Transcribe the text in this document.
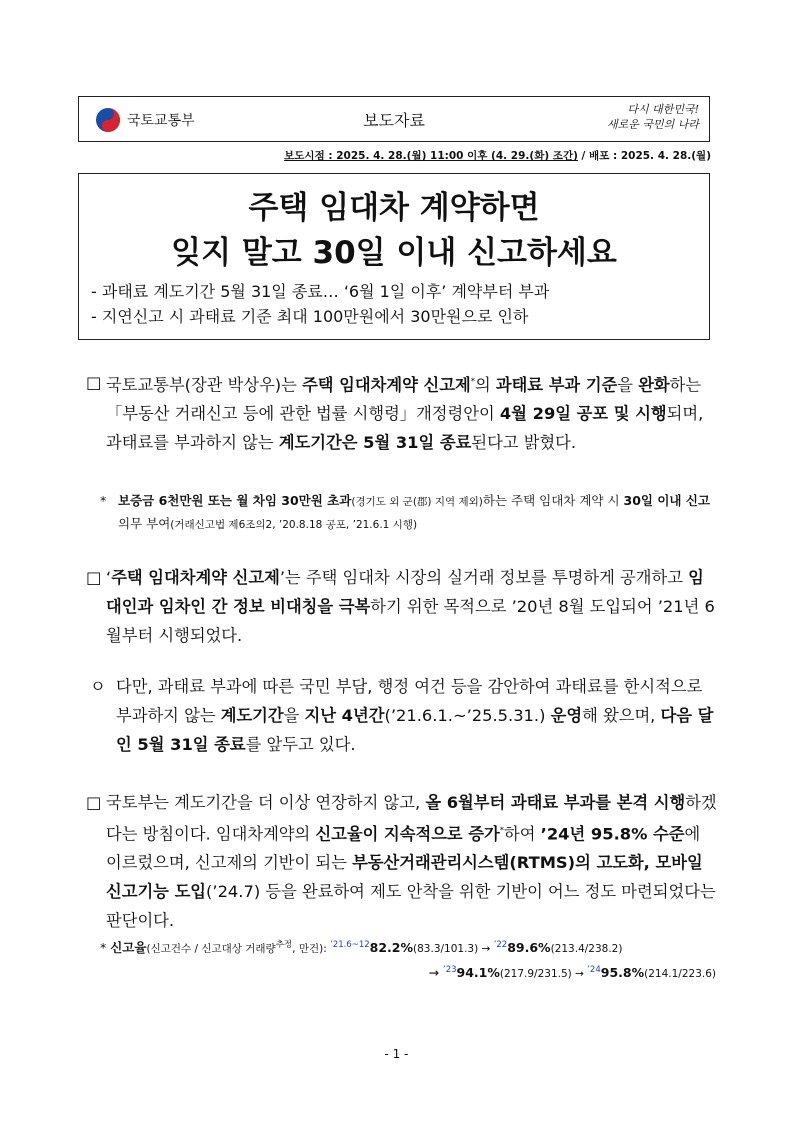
국토교통부	보도자료
다시 대한민국!
새로운 국민의 나라
보도시점 : 2025. 4. 28.(월) 11:00 이후 (4. 29.(화) 조간) / 배포 : 2025. 4. 28.(월)
주택 임대차 계약하면
잊지 말고 30일 이내 신고하세요
- 과태료 계도기간 5월 31일 종료… ‘6월 1일 이후’ 계약부터 부과
- 지연신고 시 과태료 기준 최대 100만원에서 30만원으로 인하
□ 국토교통부(장관 박상우)는 주택 임대차계약 신고제*의 과태료 부과 기준을 완화하는「부동산 거래신고 등에 관한 법률 시행령」개정령안이 4월 29일 공포 및 시행되며, 과태료를 부과하지 않는 계도기간은 5월 31일 종료된다고 밝혔다.
* 보증금 6천만원 또는 월 차임 30만원 초과(경기도 외 군(郡) 지역 제외)하는 주택 임대차 계약 시 30일 이내 신고 의무 부여(거래신고법 제6조의2, ’20.8.18 공포, ’21.6.1 시행)
□ ‘주택 임대차계약 신고제’는 주택 임대차 시장의 실거래 정보를 투명하게 공개하고 임대인과 임차인 간 정보 비대칭을 극복하기 위한 목적으로 ’20년 8월 도입되어 ’21년 6월부터 시행되었다.
ㅇ 다만, 과태료 부과에 따른 국민 부담, 행정 여건 등을 감안하여 과태료를 한시적으로 부과하지 않는 계도기간을 지난 4년간(’21.6.1.~’25.5.31.) 운영해 왔으며, 다음 달인 5월 31일 종료를 앞두고 있다.
□ 국토부는 계도기간을 더 이상 연장하지 않고, 올 6월부터 과태료 부과를 본격 시행하겠다는 방침이다. 임대차계약의 신고율이 지속적으로 증가*하여 ’24년 95.8% 수준에 이르렀으며, 신고제의 기반이 되는 부동산거래관리시스템(RTMS)의 고도화, 모바일 신고기능 도입(’24.7) 등을 완료하여 제도 안착을 위한 기반이 어느 정도 마련되었다는 판단이다.
* 신고율(신고건수 / 신고대상 거래량$^{추정}$, 만건): $^{’21.6\sim 12}$82.2%(83.3/101.3) → $^{’22}$89.6%(213.4/238.2)
→ $^{’23}$94.1%(217.9/231.5) → $^{’24}$95.8%(214.1/223.6)
- 1 -
